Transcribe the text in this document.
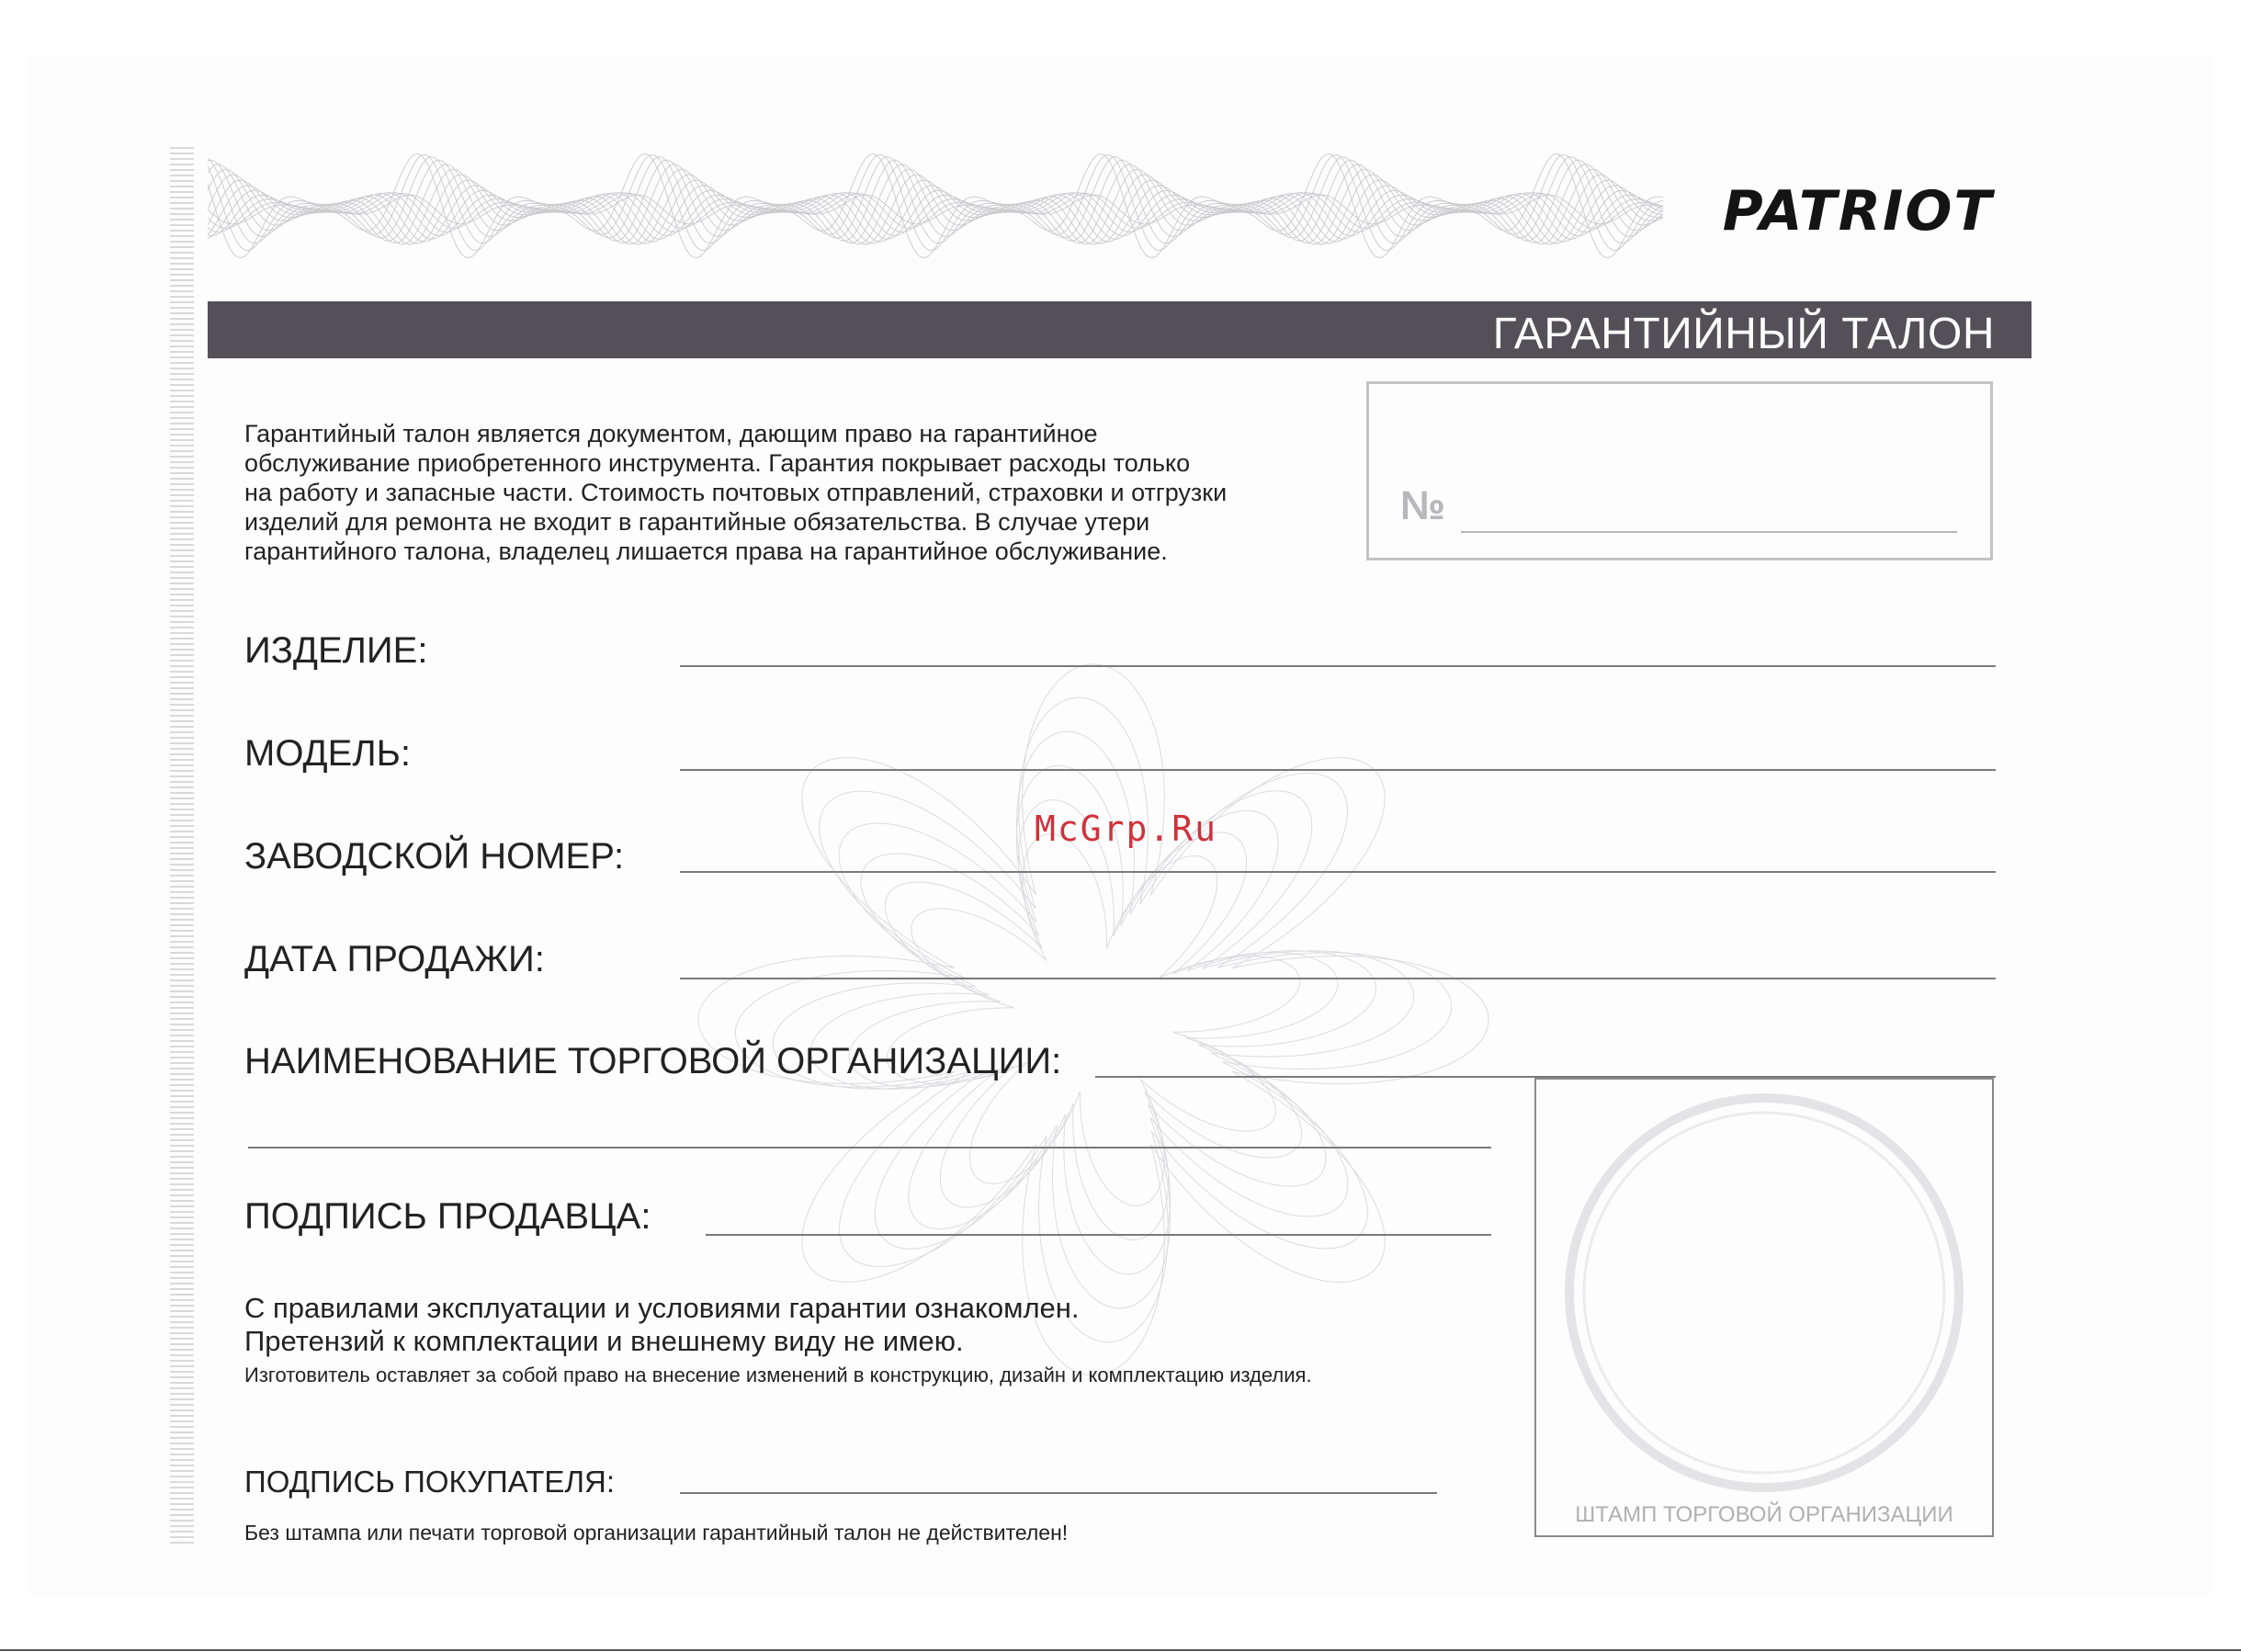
PATRIOT
ГАРАНТИЙНЫЙ ТАЛОН
№
Гарантийный талон является документом, дающим право на гарантийное
обслуживание приобретенного инструмента. Гарантия покрывает расходы только
на работу и запасные части. Стоимость почтовых отправлений, страховки и отгрузки
изделий для ремонта не входит в гарантийные обязательства. В случае утери
гарантийного талона, владелец лишается права на гарантийное обслуживание.
McGrp.Ru
ИЗДЕЛИЕ:
МОДЕЛЬ:
ЗАВОДСКОЙ НОМЕР:
ДАТА ПРОДАЖИ:
НАИМЕНОВАНИЕ ТОРГОВОЙ ОРГАНИЗАЦИИ:
ПОДПИСЬ ПРОДАВЦА:
С правилами эксплуатации и условиями гарантии ознакомлен.
Претензий к комплектации и внешнему виду не имею.
Изготовитель оставляет за собой право на внесение изменений в конструкцию, дизайн и комплектацию изделия.
ПОДПИСЬ ПОКУПАТЕЛЯ:
Без штампа или печати торговой организации гарантийный талон не действителен!
ШТАМП ТОРГОВОЙ ОРГАНИЗАЦИИ
